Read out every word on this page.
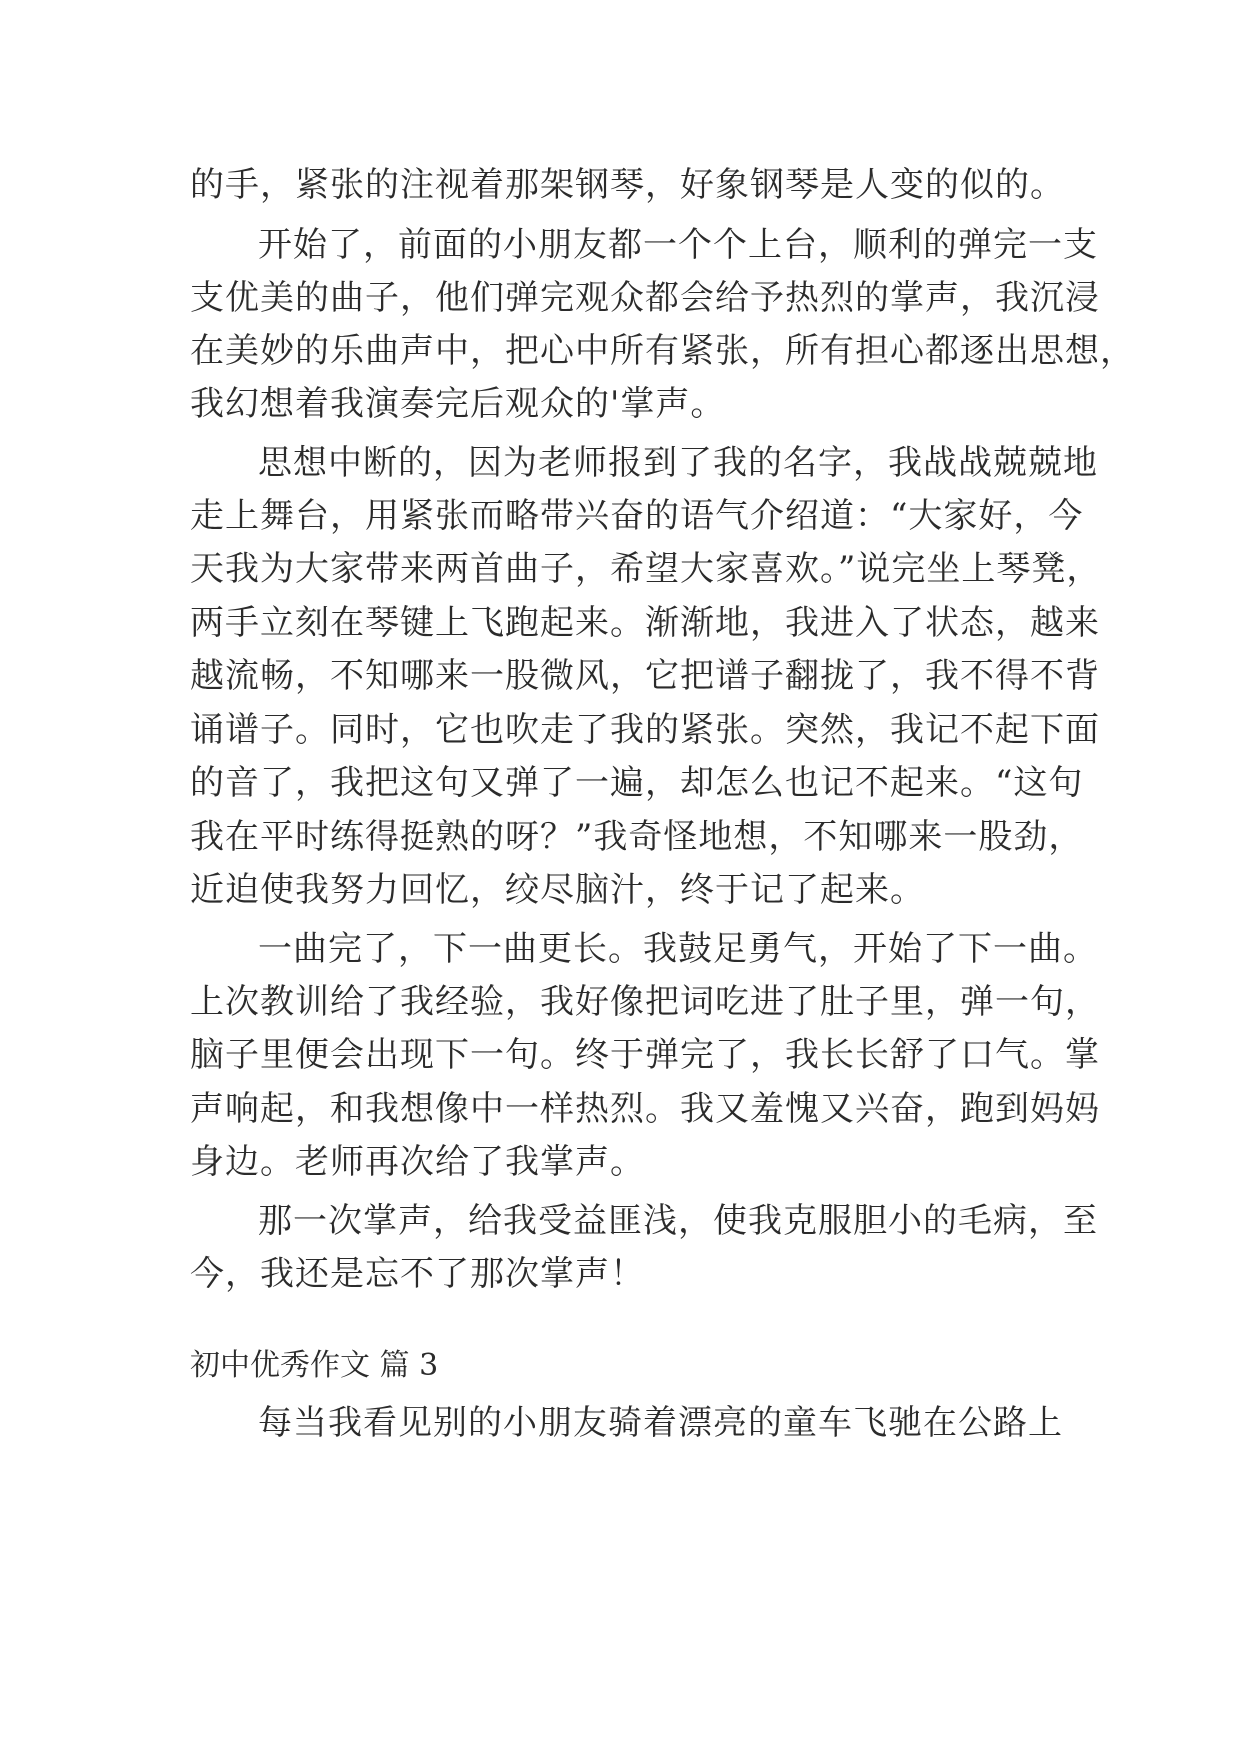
的手，紧张的注视着那架钢琴，好象钢琴是人变的似的。
开始了，前面的小朋友都一个个上台，顺利的弹完一支
支优美的曲子，他们弹完观众都会给予热烈的掌声，我沉浸
在美妙的乐曲声中，把心中所有紧张，所有担心都逐出思想，
我幻想着我演奏完后观众的'掌声。
思想中断的，因为老师报到了我的名字，我战战兢兢地
走上舞台，用紧张而略带兴奋的语气介绍道：“大家好，今
天我为大家带来两首曲子，希望大家喜欢。”说完坐上琴凳，
两手立刻在琴键上飞跑起来。渐渐地，我进入了状态，越来
越流畅，不知哪来一股微风，它把谱子翻拢了，我不得不背
诵谱子。同时，它也吹走了我的紧张。突然，我记不起下面
的音了，我把这句又弹了一遍，却怎么也记不起来。“这句
我在平时练得挺熟的呀？”我奇怪地想，不知哪来一股劲，
近迫使我努力回忆，绞尽脑汁，终于记了起来。
一曲完了，下一曲更长。我鼓足勇气，开始了下一曲。
上次教训给了我经验，我好像把词吃进了肚子里，弹一句，
脑子里便会出现下一句。终于弹完了，我长长舒了口气。掌
声响起，和我想像中一样热烈。我又羞愧又兴奋，跑到妈妈
身边。老师再次给了我掌声。
那一次掌声，给我受益匪浅，使我克服胆小的毛病，至
今，我还是忘不了那次掌声！
初中优秀作文 篇 3
每当我看见别的小朋友骑着漂亮的童车飞驰在公路上
